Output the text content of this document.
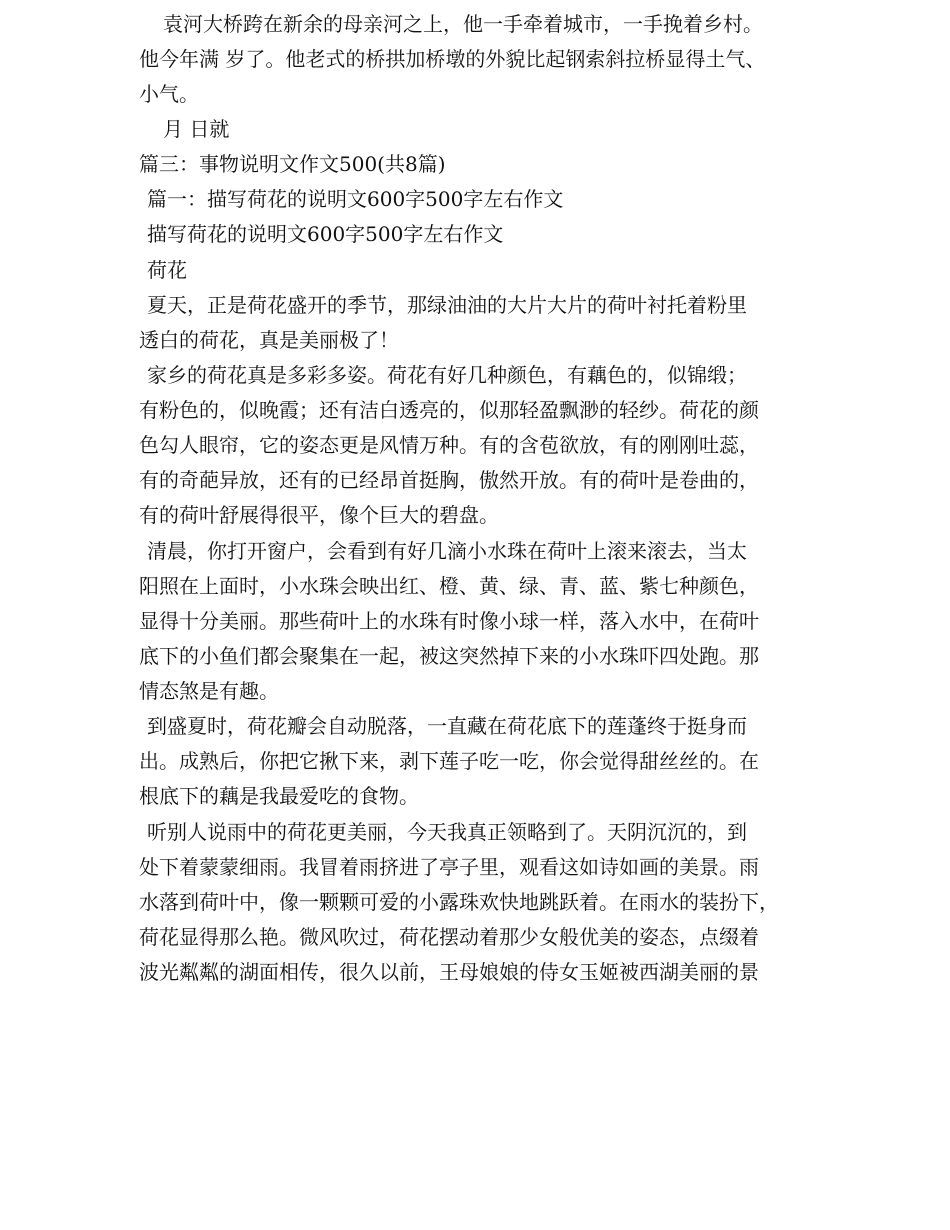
袁河大桥跨在新余的母亲河之上，他一手牵着城市，一手挽着乡村。
他今年满 岁了。他老式的桥拱加桥墩的外貌比起钢索斜拉桥显得土气、
小气。
月 日就
篇三：事物说明文作文500(共8篇)
篇一：描写荷花的说明文600字500字左右作文
描写荷花的说明文600字500字左右作文
荷花
夏天，正是荷花盛开的季节，那绿油油的大片大片的荷叶衬托着粉里
透白的荷花，真是美丽极了！
家乡的荷花真是多彩多姿。荷花有好几种颜色，有藕色的，似锦缎；
有粉色的，似晚霞；还有洁白透亮的，似那轻盈飘渺的轻纱。荷花的颜
色勾人眼帘，它的姿态更是风情万种。有的含苞欲放，有的刚刚吐蕊，
有的奇葩异放，还有的已经昂首挺胸，傲然开放。有的荷叶是卷曲的，
有的荷叶舒展得很平，像个巨大的碧盘。
清晨，你打开窗户，会看到有好几滴小水珠在荷叶上滚来滚去，当太
阳照在上面时，小水珠会映出红、橙、黄、绿、青、蓝、紫七种颜色，
显得十分美丽。那些荷叶上的水珠有时像小球一样，落入水中，在荷叶
底下的小鱼们都会聚集在一起，被这突然掉下来的小水珠吓四处跑。那
情态煞是有趣。
到盛夏时，荷花瓣会自动脱落，一直藏在荷花底下的莲蓬终于挺身而
出。成熟后，你把它揪下来，剥下莲子吃一吃，你会觉得甜丝丝的。在
根底下的藕是我最爱吃的食物。
听别人说雨中的荷花更美丽，今天我真正领略到了。天阴沉沉的，到
处下着蒙蒙细雨。我冒着雨挤进了亭子里，观看这如诗如画的美景。雨
水落到荷叶中，像一颗颗可爱的小露珠欢快地跳跃着。在雨水的装扮下，
荷花显得那么艳。微风吹过，荷花摆动着那少女般优美的姿态，点缀着
波光粼粼的湖面相传，很久以前，王母娘娘的侍女玉姬被西湖美丽的景
